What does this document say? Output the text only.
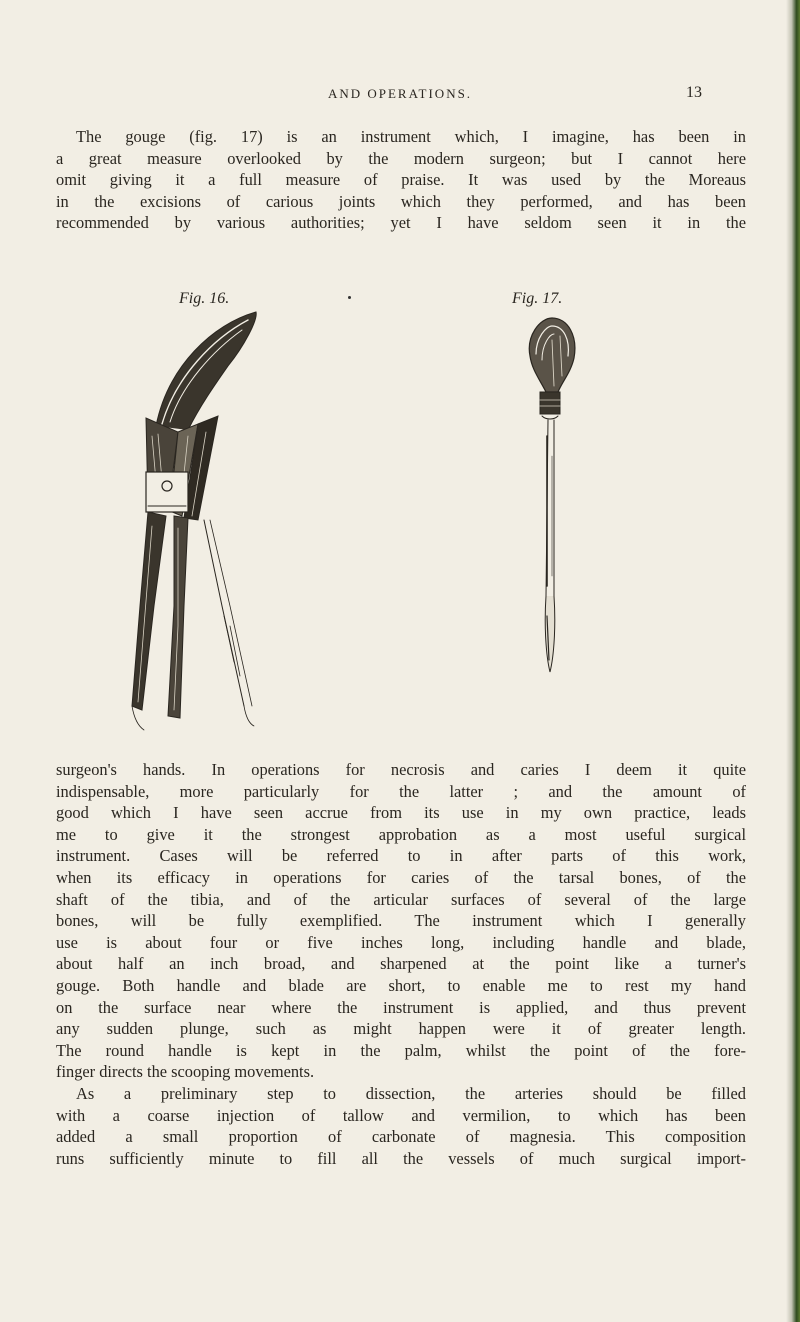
AND OPERATIONS.	13
The gouge (fig. 17) is an instrument which, I imagine, has been in
a great measure overlooked by the modern surgeon; but I cannot here
omit giving it a full measure of praise. It was used by the Moreaus
in the excisions of carious joints which they performed, and has been
recommended by various authorities; yet I have seldom seen it in the
Fig. 16.	Fig. 17.
surgeon's hands. In operations for necrosis and caries I deem it quite
indispensable, more particularly for the latter ; and the amount of
good which I have seen accrue from its use in my own practice, leads
me to give it the strongest approbation as a most useful surgical
instrument. Cases will be referred to in after parts of this work,
when its efficacy in operations for caries of the tarsal bones, of the
shaft of the tibia, and of the articular surfaces of several of the large
bones, will be fully exemplified. The instrument which I generally
use is about four or five inches long, including handle and blade,
about half an inch broad, and sharpened at the point like a turner's
gouge. Both handle and blade are short, to enable me to rest my hand
on the surface near where the instrument is applied, and thus prevent
any sudden plunge, such as might happen were it of greater length.
The round handle is kept in the palm, whilst the point of the fore-
finger directs the scooping movements.
As a preliminary step to dissection, the arteries should be filled
with a coarse injection of tallow and vermilion, to which has been
added a small proportion of carbonate of magnesia. This composition
runs sufficiently minute to fill all the vessels of much surgical import-
